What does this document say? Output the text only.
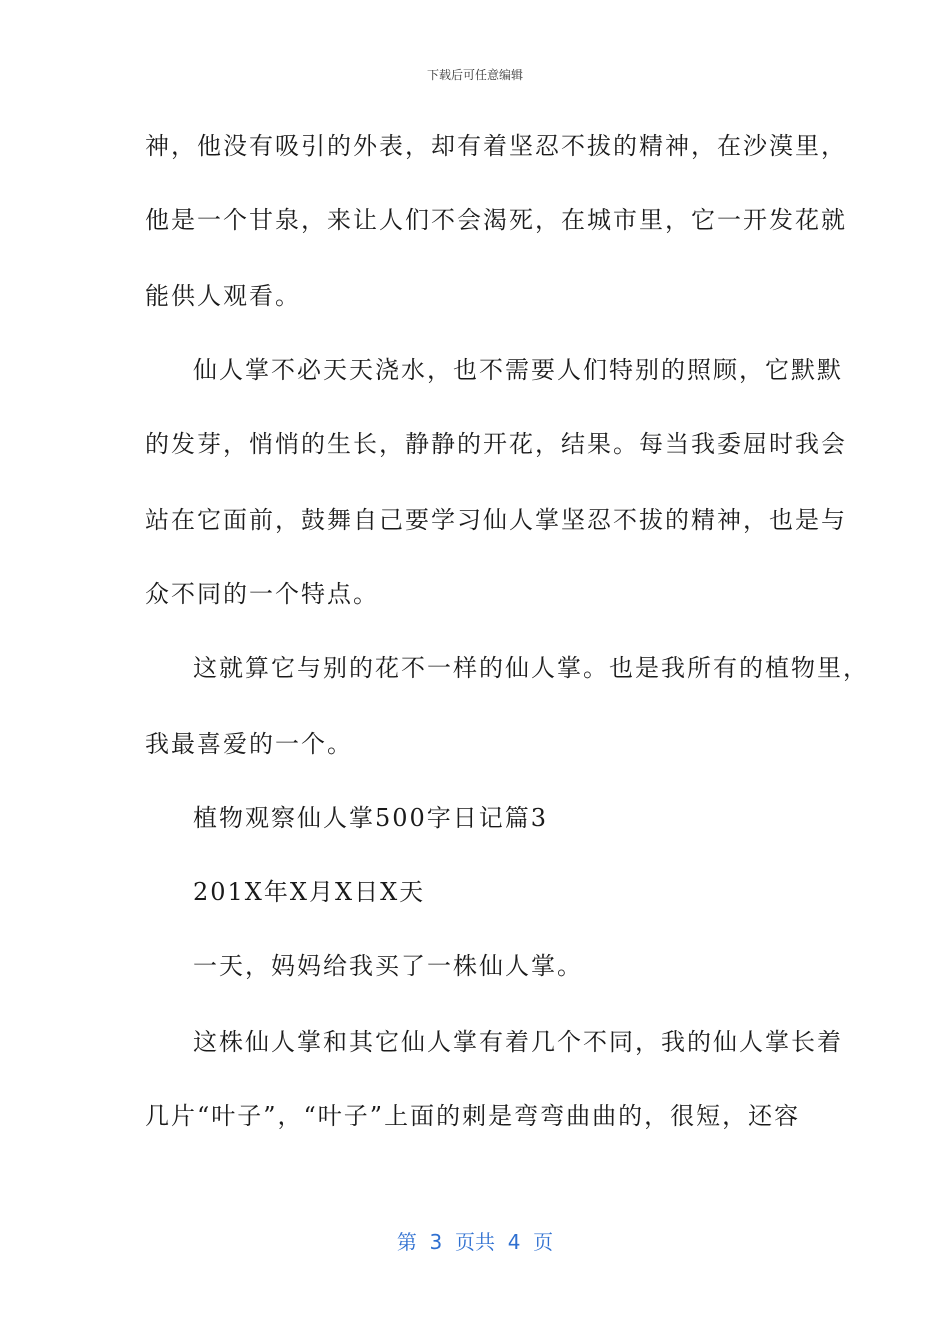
下载后可任意编辑
神，他没有吸引的外表，却有着坚忍不拔的精神，在沙漠里，
他是一个甘泉，来让人们不会渴死，在城市里，它一开发花就
能供人观看。
仙人掌不必天天浇水，也不需要人们特别的照顾，它默默
的发芽，悄悄的生长，静静的开花，结果。每当我委屈时我会
站在它面前，鼓舞自己要学习仙人掌坚忍不拔的精神，也是与
众不同的一个特点。
这就算它与别的花不一样的仙人掌。也是我所有的植物里，
我最喜爱的一个。
植物观察仙人掌500字日记篇3
201X年X月X日X天
一天，妈妈给我买了一株仙人掌。
这株仙人掌和其它仙人掌有着几个不同，我的仙人掌长着
几片“叶子”，“叶子”上面的刺是弯弯曲曲的，很短，还容
第  3  页共  4  页
